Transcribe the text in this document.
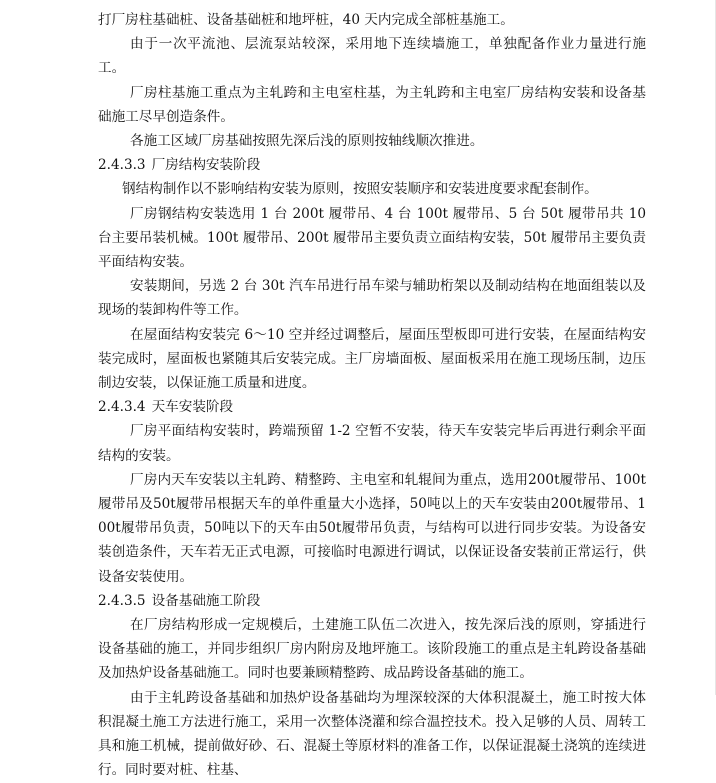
打厂房柱基础桩、设备基础桩和地坪桩，40 天内完成全部桩基施工。

由于一次平流池、层流泵站较深，采用地下连续墙施工，单独配备作业力量进行施工。

厂房柱基施工重点为主轧跨和主电室柱基，为主轧跨和主电室厂房结构安装和设备基础施工尽早创造条件。

各施工区域厂房基础按照先深后浅的原则按轴线顺次推进。

2.4.3.3 厂房结构安装阶段

钢结构制作以不影响结构安装为原则，按照安装顺序和安装进度要求配套制作。

厂房钢结构安装选用 1 台 200t 履带吊、4 台 100t 履带吊、5 台 50t 履带吊共 10 台主要吊装机械。100t 履带吊、200t 履带吊主要负责立面结构安装，50t 履带吊主要负责平面结构安装。

安装期间，另选 2 台 30t 汽车吊进行吊车梁与辅助桁架以及制动结构在地面组装以及现场的装卸构件等工作。

在屋面结构安装完 6～10 空并经过调整后，屋面压型板即可进行安装，在屋面结构安装完成时，屋面板也紧随其后安装完成。主厂房墙面板、屋面板采用在施工现场压制，边压制边安装，以保证施工质量和进度。

2.4.3.4 天车安装阶段

厂房平面结构安装时，跨端预留 1-2 空暂不安装，待天车安装完毕后再进行剩余平面结构的安装。

厂房内天车安装以主轧跨、精整跨、主电室和轧辊间为重点，选用200t履带吊、100t履带吊及50t履带吊根据天车的单件重量大小选择，50吨以上的天车安装由200t履带吊、100t履带吊负责，50吨以下的天车由50t履带吊负责，与结构可以进行同步安装。为设备安装创造条件，天车若无正式电源，可接临时电源进行调试，以保证设备安装前正常运行，供设备安装使用。

2.4.3.5 设备基础施工阶段

在厂房结构形成一定规模后，土建施工队伍二次进入，按先深后浅的原则，穿插进行设备基础的施工，并同步组织厂房内附房及地坪施工。该阶段施工的重点是主轧跨设备基础及加热炉设备基础施工。同时也要兼顾精整跨、成品跨设备基础的施工。

由于主轧跨设备基础和加热炉设备基础均为埋深较深的大体积混凝土，施工时按大体积混凝土施工方法进行施工，采用一次整体浇灌和综合温控技术。投入足够的人员、周转工具和施工机械，提前做好砂、石、混凝土等原材料的准备工作，以保证混凝土浇筑的连续进行。同时要对桩、柱基、
